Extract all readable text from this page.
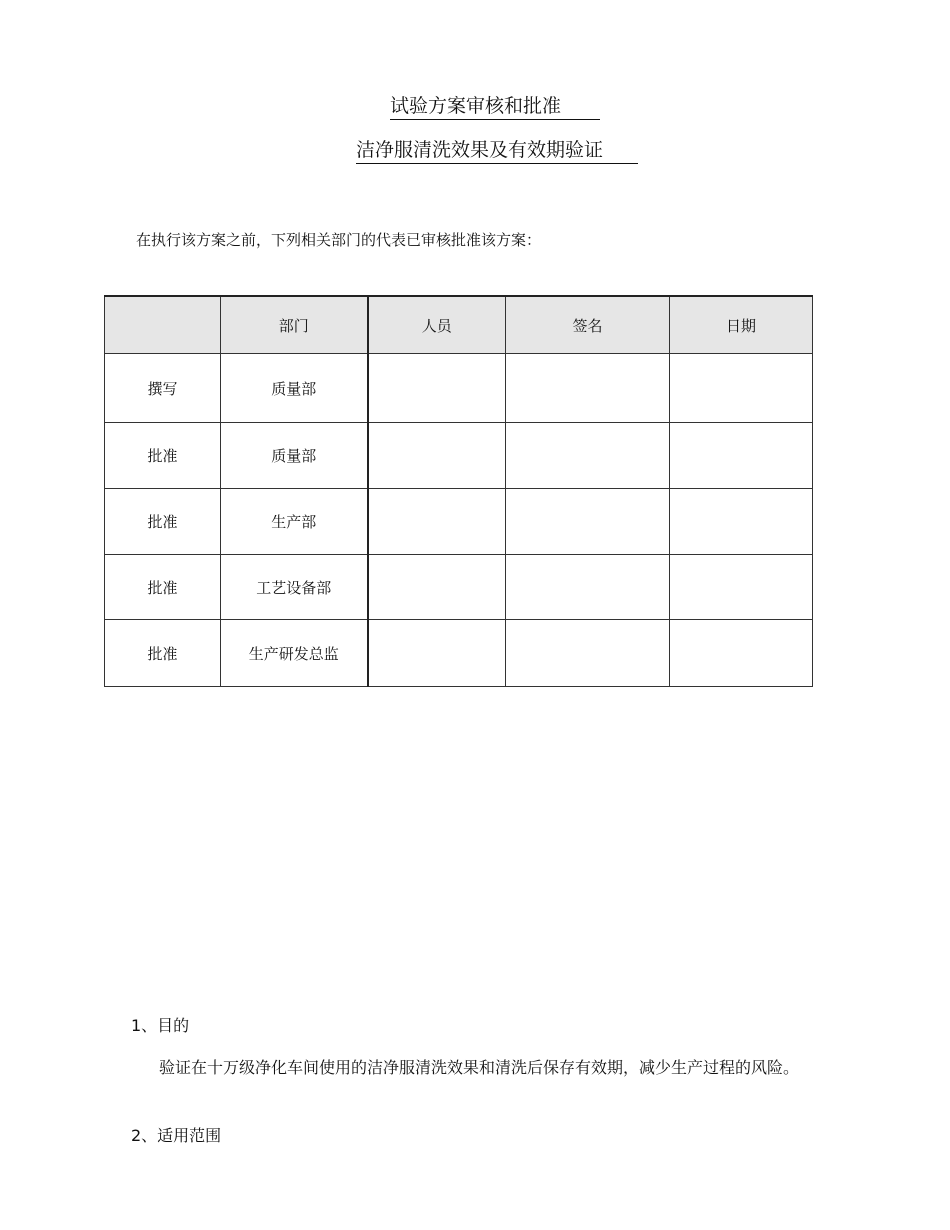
试验方案审核和批准
洁净服清洗效果及有效期验证
在执行该方案之前，下列相关部门的代表已审核批准该方案：
	部门	人员	签名	日期
撰写	质量部			
批准	质量部			
批准	生产部			
批准	工艺设备部			
批准	生产研发总监			
1、目的
验证在十万级净化车间使用的洁净服清洗效果和清洗后保存有效期，减少生产过程的风险。
2、适用范围
